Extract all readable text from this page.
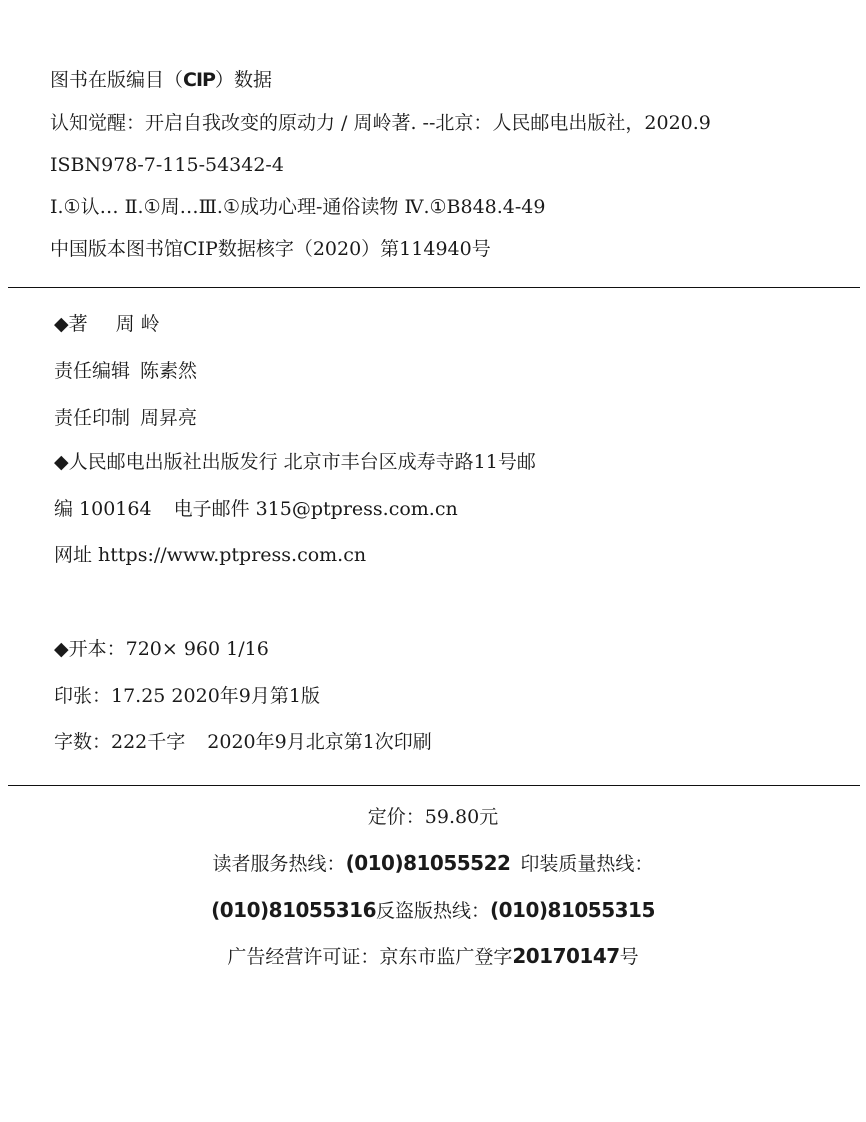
图书在版编目（CIP）数据
认知觉醒：开启自我改变的原动力 / 周岭著. --北京：人民邮电出版社，2020.9
ISBN978-7-115-54342-4
Ⅰ.①认… Ⅱ.①周…Ⅲ.①成功心理-通俗读物 Ⅳ.①B848.4-49
中国版本图书馆CIP数据核字（2020）第114940号
◆著 周 岭
责任编辑 陈素然
责任印制 周昇亮
◆人民邮电出版社出版发行 北京市丰台区成寿寺路11号邮
编 100164 电子邮件 315@ptpress.com.cn
网址 https://www.ptpress.com.cn
◆开本：720× 960 1/16
印张：17.25 2020年9月第1版
字数：222千字 2020年9月北京第1次印刷
定价：59.80元
读者服务热线：(010)81055522 印装质量热线：
(010)81055316反盗版热线：(010)81055315
广告经营许可证：京东市监广登字20170147号
